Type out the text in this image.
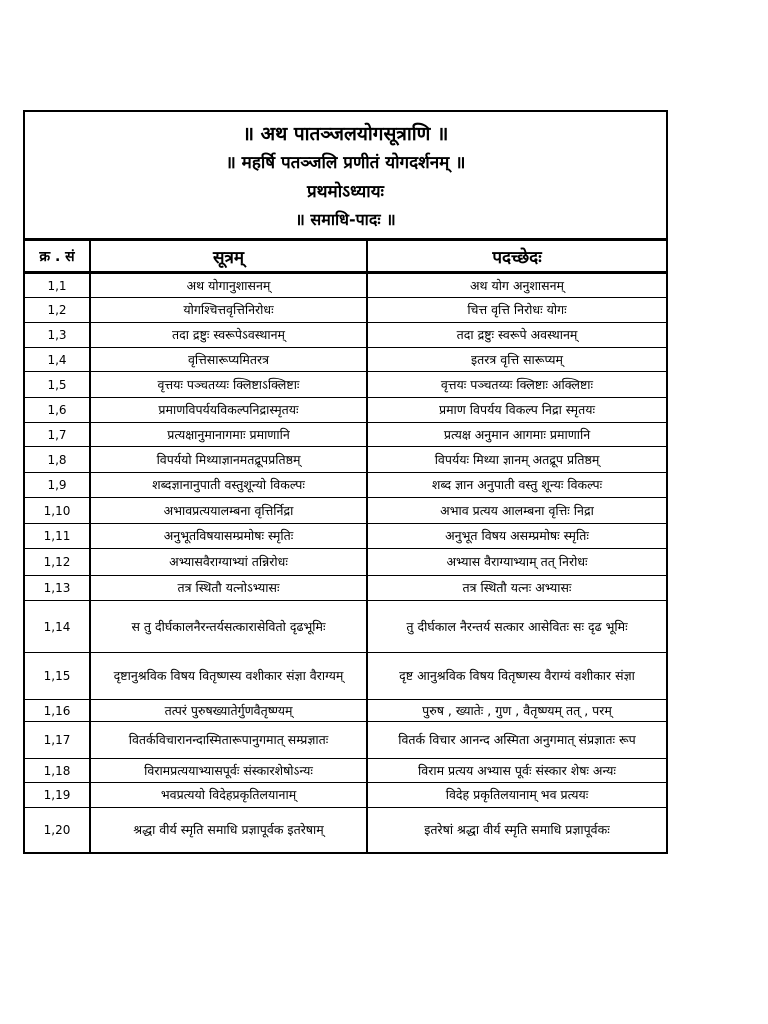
॥ अथ पातञ्जलयोगसूत्राणि ॥
॥ महर्षि पतञ्जलि प्रणीतं योगदर्शनम् ॥
प्रथमोऽध्यायः
॥ समाधि-पादः ॥
क्र . सं	सूत्रम्	पदच्छेदः
1,1	अथ योगानुशासनम्	अथ योग अनुशासनम्
1,2	योगश्चित्तवृत्तिनिरोधः	चित्त वृत्ति निरोधः योगः
1,3	तदा द्रष्टुः स्वरूपेऽवस्थानम्	तदा द्रष्टुः स्वरूपे अवस्थानम्
1,4	वृत्तिसारूप्यमितरत्र	इतरत्र वृत्ति सारूप्यम्
1,5	वृत्तयः पञ्चतय्यः क्लिष्टाऽक्लिष्टाः	वृत्तयः पञ्चतय्यः क्लिष्टाः अक्लिष्टाः
1,6	प्रमाणविपर्ययविकल्पनिद्रास्मृतयः	प्रमाण विपर्यय विकल्प निद्रा स्मृतयः
1,7	प्रत्यक्षानुमानागमाः प्रमाणानि	प्रत्यक्ष अनुमान आगमाः प्रमाणानि
1,8	विपर्ययो मिथ्याज्ञानमतद्रूपप्रतिष्ठम्	विपर्ययः मिथ्या ज्ञानम् अतद्रूप प्रतिष्ठम्
1,9	शब्दज्ञानानुपाती वस्तुशून्यो विकल्पः	शब्द ज्ञान अनुपाती वस्तु शून्यः विकल्पः
1,10	अभावप्रत्ययालम्बना वृत्तिर्निद्रा	अभाव प्रत्यय आलम्बना वृत्तिः निद्रा
1,11	अनुभूतविषयासम्प्रमोषः स्मृतिः	अनुभूत विषय असम्प्रमोषः स्मृतिः
1,12	अभ्यासवैराग्याभ्यां तन्निरोधः	अभ्यास वैराग्याभ्याम् तत् निरोधः
1,13	तत्र स्थितौ यत्नोऽभ्यासः	तत्र स्थितौ यत्नः अभ्यासः
1,14	स तु दीर्घकालनैरन्तर्यसत्कारासेवितो दृढभूमिः	तु दीर्घकाल नैरन्तर्य सत्कार आसेवितः सः दृढ भूमिः
1,15	दृष्टानुश्रविक विषय वितृष्णस्य वशीकार संज्ञा वैराग्यम्	दृष्ट आनुश्रविक विषय वितृष्णस्य वैराग्यं वशीकार संज्ञा
1,16	तत्परं पुरुषख्यातेर्गुणवैतृष्ण्यम्	पुरुष , ख्यातेः , गुण , वैतृष्ण्यम् तत् , परम्
1,17	वितर्कविचारानन्दास्मितारूपानुगमात् सम्प्रज्ञातः	वितर्क विचार आनन्द अस्मिता अनुगमात् संप्रज्ञातः रूप
1,18	विरामप्रत्ययाभ्यासपूर्वः संस्कारशेषोऽन्यः	विराम प्रत्यय अभ्यास पूर्वः संस्कार शेषः अन्यः
1,19	भवप्रत्ययो विदेहप्रकृतिलयानाम्	विदेह प्रकृतिलयानाम् भव प्रत्ययः
1,20	श्रद्धा वीर्य स्मृति समाधि प्रज्ञापूर्वक इतरेषाम्	इतरेषां श्रद्धा वीर्य स्मृति समाधि प्रज्ञापूर्वकः
